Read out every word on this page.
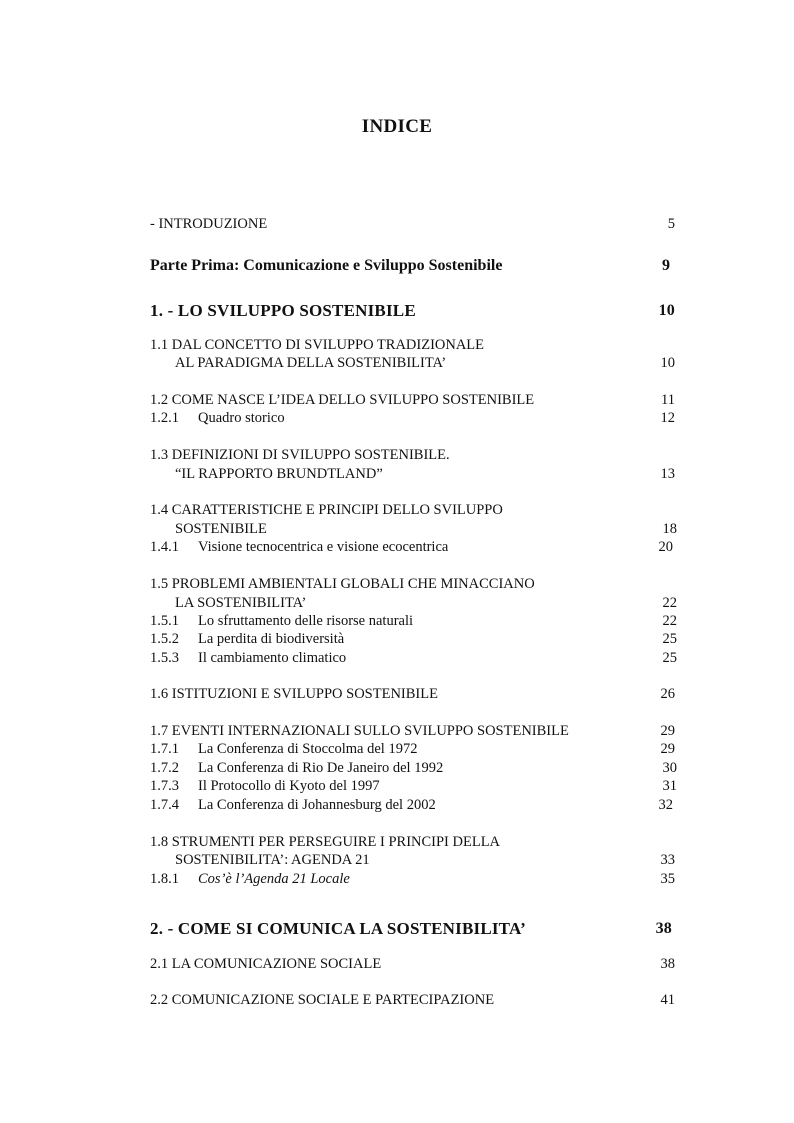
INDICE
- INTRODUZIONE	5
Parte Prima: Comunicazione e Sviluppo Sostenibile	9
1. - LO SVILUPPO SOSTENIBILE	10
1.1 DAL CONCETTO DI SVILUPPO TRADIZIONALE
AL PARADIGMA DELLA SOSTENIBILITA’	10
1.2 COME NASCE L’IDEA DELLO SVILUPPO SOSTENIBILE	11
1.2.1 Quadro storico	12
1.3 DEFINIZIONI DI SVILUPPO SOSTENIBILE.
“IL RAPPORTO BRUNDTLAND”	13
1.4 CARATTERISTICHE E PRINCIPI DELLO SVILUPPO
SOSTENIBILE	18
1.4.1 Visione tecnocentrica e visione ecocentrica	20
1.5 PROBLEMI AMBIENTALI GLOBALI CHE MINACCIANO
LA SOSTENIBILITA’	22
1.5.1 Lo sfruttamento delle risorse naturali	22
1.5.2 La perdita di biodiversità	25
1.5.3 Il cambiamento climatico	25
1.6 ISTITUZIONI E SVILUPPO SOSTENIBILE	26
1.7 EVENTI INTERNAZIONALI SULLO SVILUPPO SOSTENIBILE	29
1.7.1 La Conferenza di Stoccolma del 1972	29
1.7.2 La Conferenza di Rio De Janeiro del 1992	30
1.7.3 Il Protocollo di Kyoto del 1997	31
1.7.4 La Conferenza di Johannesburg del 2002	32
1.8 STRUMENTI PER PERSEGUIRE I PRINCIPI DELLA
SOSTENIBILITA’: AGENDA 21	33
1.8.1 Cos’è l’Agenda 21 Locale	35
2. - COME SI COMUNICA LA SOSTENIBILITA’	38
2.1 LA COMUNICAZIONE SOCIALE	38
2.2 COMUNICAZIONE SOCIALE E PARTECIPAZIONE	41
